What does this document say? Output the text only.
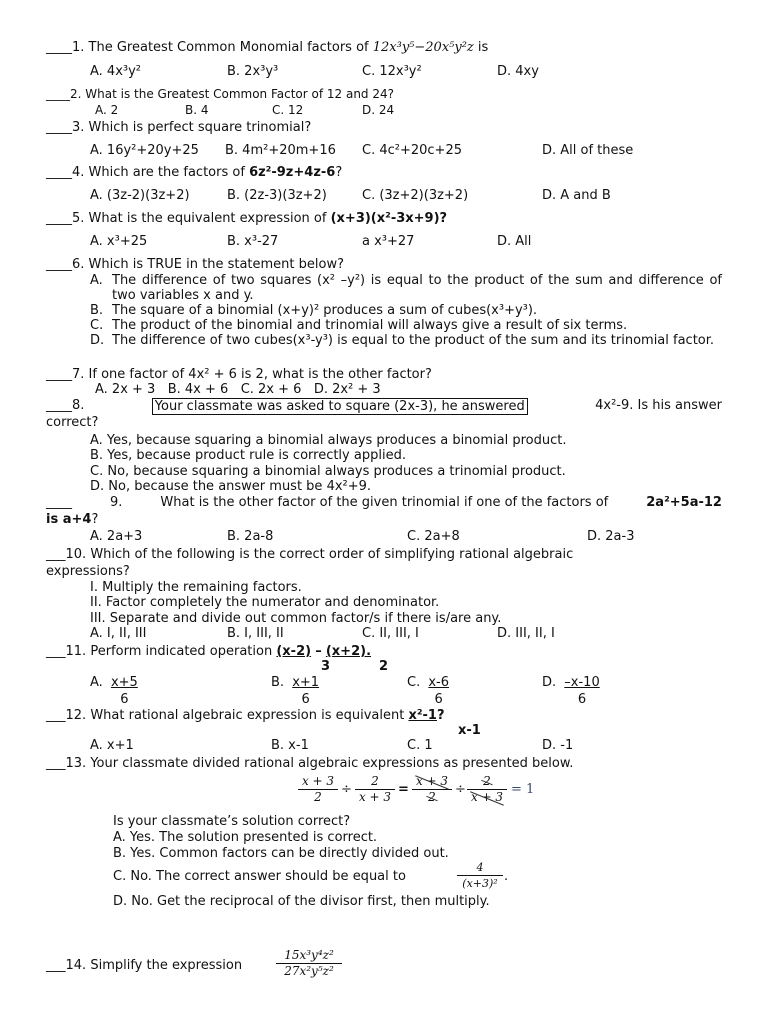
____1. The Greatest Common Monomial factors of 12x³y⁵−20x⁵y²z is
A. 4x³y²	B. 2x³y³	C. 12x³y²	D. 4xy
____2. What is the Greatest Common Factor of 12 and 24?
A. 2	B. 4	C. 12	D. 24
____3. Which is perfect square trinomial?
A. 16y²+20y+25 B. 4m²+20m+16 C. 4c²+20c+25	D. All of these
____4. Which are the factors of 6z²-9z+4z-6?
A. (3z-2)(3z+2)	B. (2z-3)(3z+2)	C. (3z+2)(3z+2)	D. A and B
____5. What is the equivalent expression of (x+3)(x²-3x+9)?
A. x³+25	B. x³-27	a x³+27	D. All
____6. Which is TRUE in the statement below?
A. The difference of two squares (x² –y²) is equal to the product of the sum and difference of two variables x and y.
B. The square of a binomial (x+y)² produces a sum of cubes(x³+y³).
C. The product of the binomial and trinomial will always give a result of six terms.
D. The difference of two cubes(x³-y³) is equal to the product of the sum and its trinomial factor.
____7. If one factor of 4x² + 6 is 2, what is the other factor?
A. 2x + 3   B. 4x + 6   C. 2x + 6   D. 2x² + 3
____8.	Your classmate was asked to square (2x-3), he answered	4x²-9. Is his answer
correct?
A. Yes, because squaring a binomial always produces a binomial product.
B. Yes, because product rule is correctly applied.
C. No, because squaring a binomial always produces a trinomial product.
D. No, because the answer must be 4x²+9.
____	9.	What is the other factor of the given trinomial if one of the factors of	2a²+5a-12
is a+4?
A. 2a+3	B. 2a-8	C. 2a+8	D. 2a-3
___10. Which of the following is the correct order of simplifying rational algebraic
expressions?
I. Multiply the remaining factors.
II. Factor completely the numerator and denominator.
III. Separate and divide out common factor/s if there is/are any.
A. I, II, III	B. I, III, II	C. II, III, I	D. III, II, I
___11. Perform indicated operation (x-2) – (x+2).
3	2
A. $\frac{x+5}{6}$	B. $\frac{x+1}{6}$	C. $\frac{x-6}{6}$	D. $\frac{-x-10}{6}$
___12. What rational algebraic expression is equivalent x²-1?
x-1
A. x+1	B. x-1	C. 1	D. -1
___13. Your classmate divided rational algebraic expressions as presented below.
$\frac{x + 3}{2} \div \frac{2}{x + 3} = \frac{x + 3}{2} \div \frac{2}{x + 3} = 1$
Is your classmate’s solution correct?
A. Yes. The solution presented is correct.
B. Yes. Common factors can be directly divided out.
C. No. The correct answer should be equal to	$\frac{4}{\text{(x+3)²}}$ .
D. No. Get the reciprocal of the divisor first, then multiply.
___14. Simplify the expression	$\frac{\text{15x³y⁴z²}}{\text{27x²y⁵z²}}$
